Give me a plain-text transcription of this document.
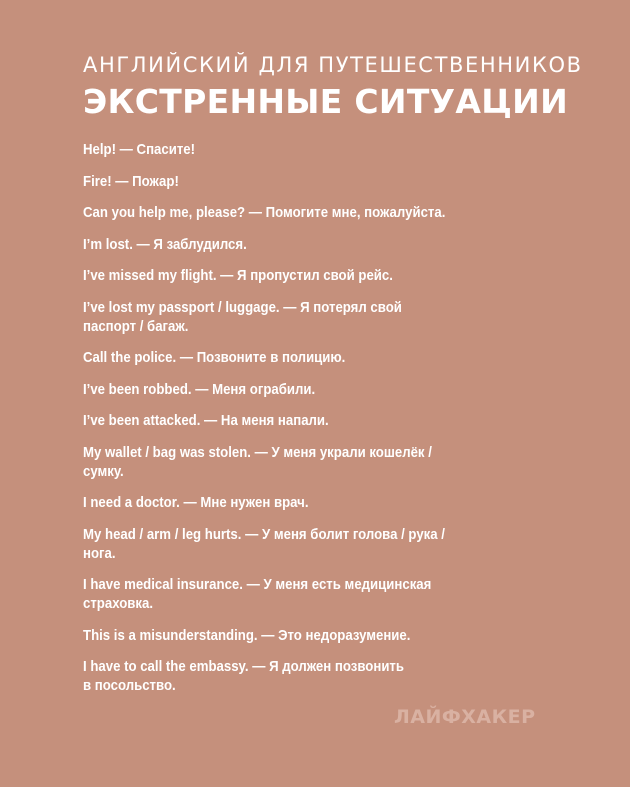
АНГЛИЙСКИЙ ДЛЯ ПУТЕШЕСТВЕННИКОВ

ЭКСТРЕННЫЕ СИТУАЦИИ
Help! — Спасите!
Fire! — Пожар!
Can you help me, please? — Помогите мне, пожалуйста.
I’m lost. — Я заблудился.
I’ve missed my flight. — Я пропустил свой рейс.
I’ve lost my passport / luggage. — Я потерял свой
паспорт / багаж.
Call the police. — Позвоните в полицию.
I’ve been robbed. — Меня ограбили.
I’ve been attacked. — На меня напали.
My wallet / bag was stolen. — У меня украли кошелёк /
сумку.
I need a doctor. — Мне нужен врач.
My head / arm / leg hurts. — У меня болит голова / рука /
нога.
I have medical insurance. — У меня есть медицинская
страховка.
This is a misunderstanding. — Это недоразумение.
I have to call the embassy. — Я должен позвонить
в посольство.
ЛАЙФХАКЕР
